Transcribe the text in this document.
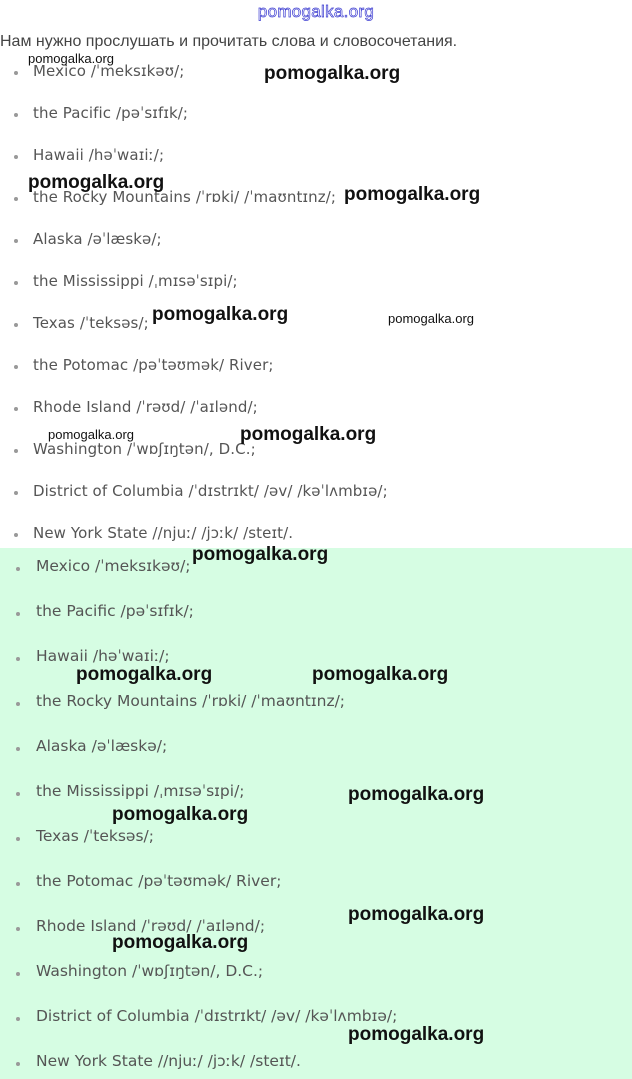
pomogalka.org
Нам нужно прослушать и прочитать слова и словосочетания.
Mexico /ˈmeksɪkəʊ/;
the Pacific /pəˈsɪfɪk/;
Hawaii /həˈwaɪiː/;
the Rocky Mountains /ˈrɒki/ /ˈmaʊntɪnz/;
Alaska /əˈlæskə/;
the Mississippi /ˌmɪsəˈsɪpi/;
Texas /ˈteksəs/;
the Potomac /pəˈtəʊmək/ River;
Rhode Island /ˈrəʊd/ /ˈaɪlənd/;
Washington /ˈwɒʃɪŋtən/, D.C.;
District of Columbia /ˈdɪstrɪkt/ /əv/ /kəˈlʌmbɪə/;
New York State //njuː/ /jɔːk/ /steɪt/.
Mexico /ˈmeksɪkəʊ/;
the Pacific /pəˈsɪfɪk/;
Hawaii /həˈwaɪiː/;
the Rocky Mountains /ˈrɒki/ /ˈmaʊntɪnz/;
Alaska /əˈlæskə/;
the Mississippi /ˌmɪsəˈsɪpi/;
Texas /ˈteksəs/;
the Potomac /pəˈtəʊmək/ River;
Rhode Island /ˈrəʊd/ /ˈaɪlənd/;
Washington /ˈwɒʃɪŋtən/, D.C.;
District of Columbia /ˈdɪstrɪkt/ /əv/ /kəˈlʌmbɪə/;
New York State //njuː/ /jɔːk/ /steɪt/.
pomogalka.org
pomogalka.org
pomogalka.org
pomogalka.org
pomogalka.org	pomogalka.org
pomogalka.org	pomogalka.org
pomogalka.org
pomogalka.org	pomogalka.org
pomogalka.org
pomogalka.org
pomogalka.org
pomogalka.org
pomogalka.org
